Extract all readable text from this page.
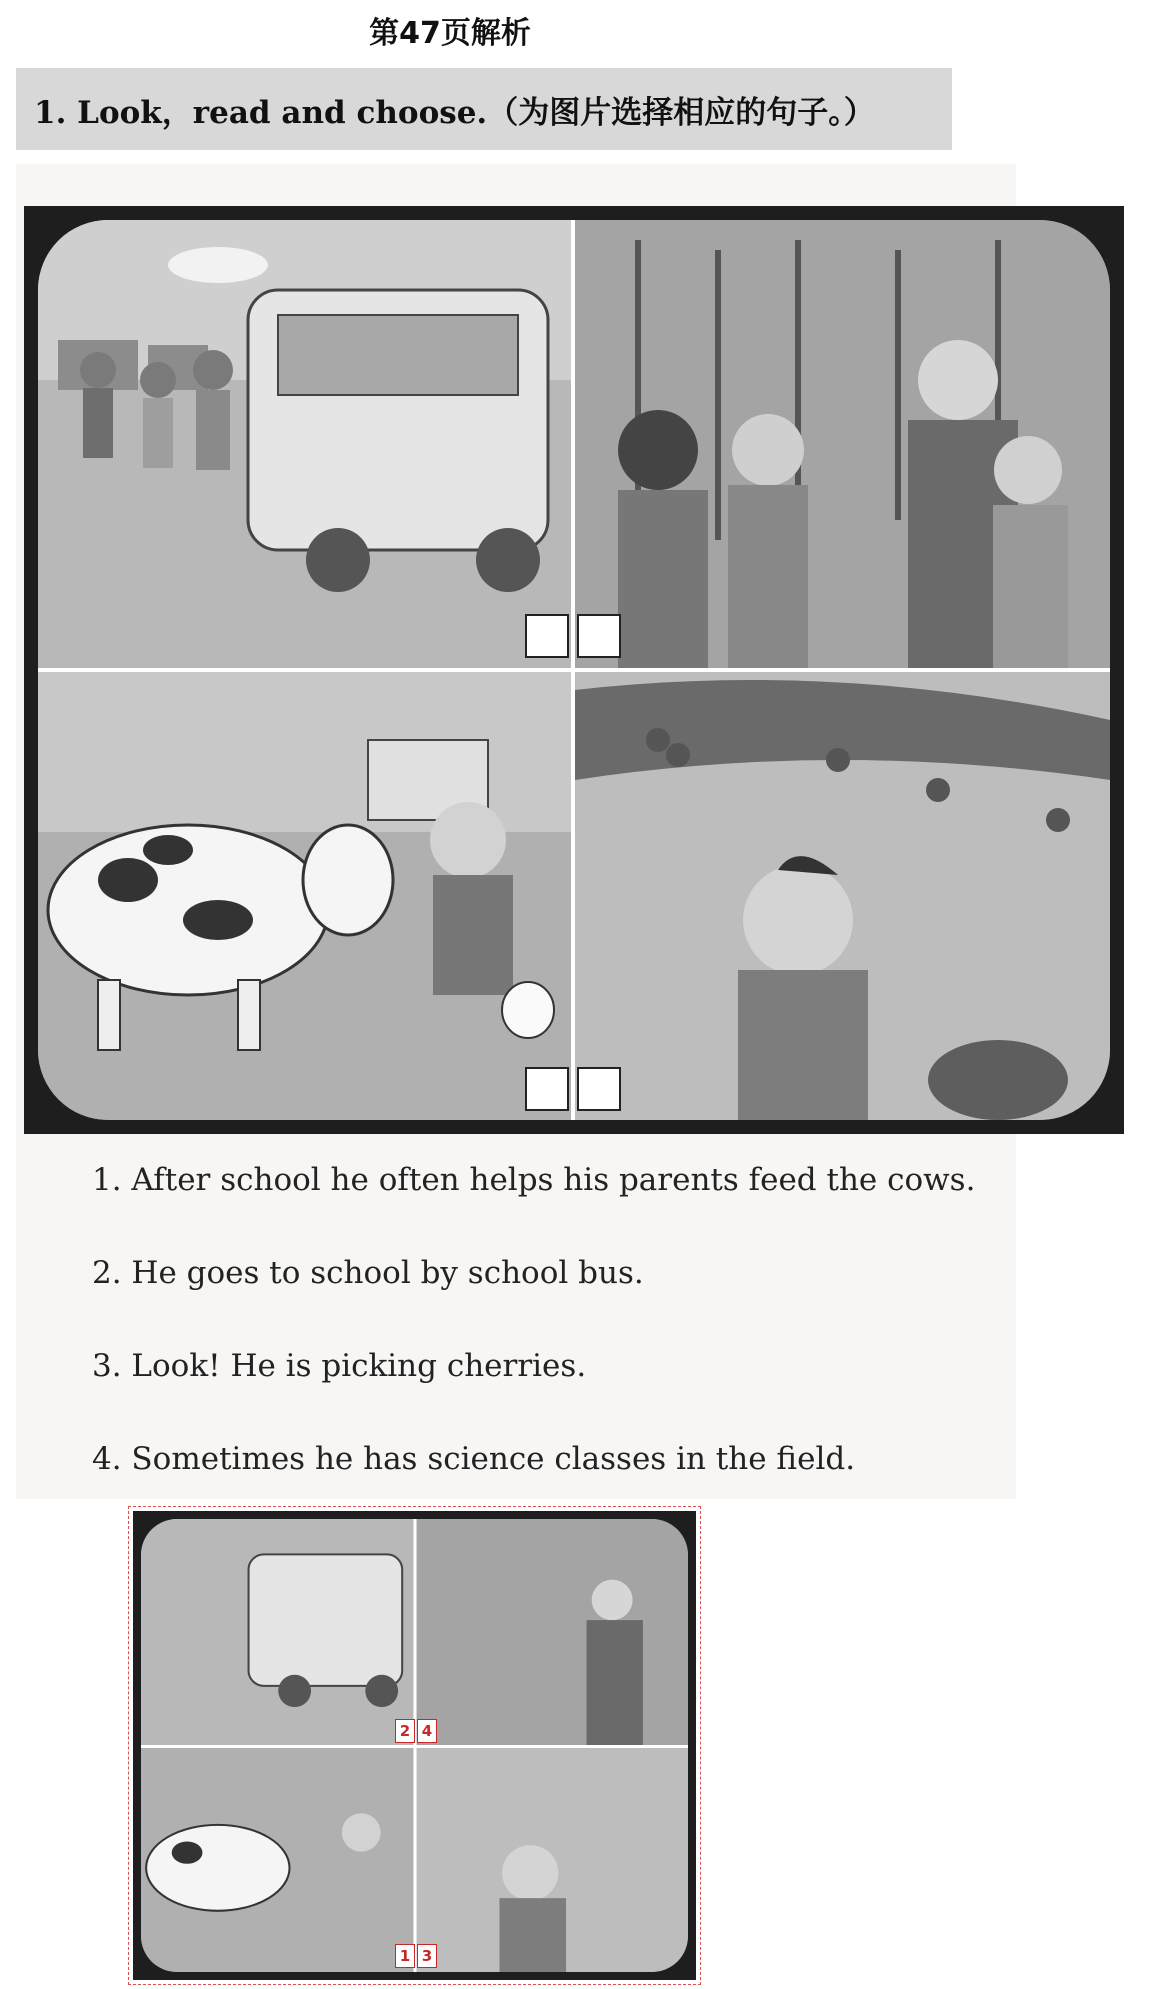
第47页解析
1. Look，read and choose.（为图片选择相应的句子。）
1. After school he often helps his parents feed the cows.
2. He goes to school by school bus.
3. Look! He is picking cherries.
4. Sometimes he has science classes in the field.
2 4
1 3
